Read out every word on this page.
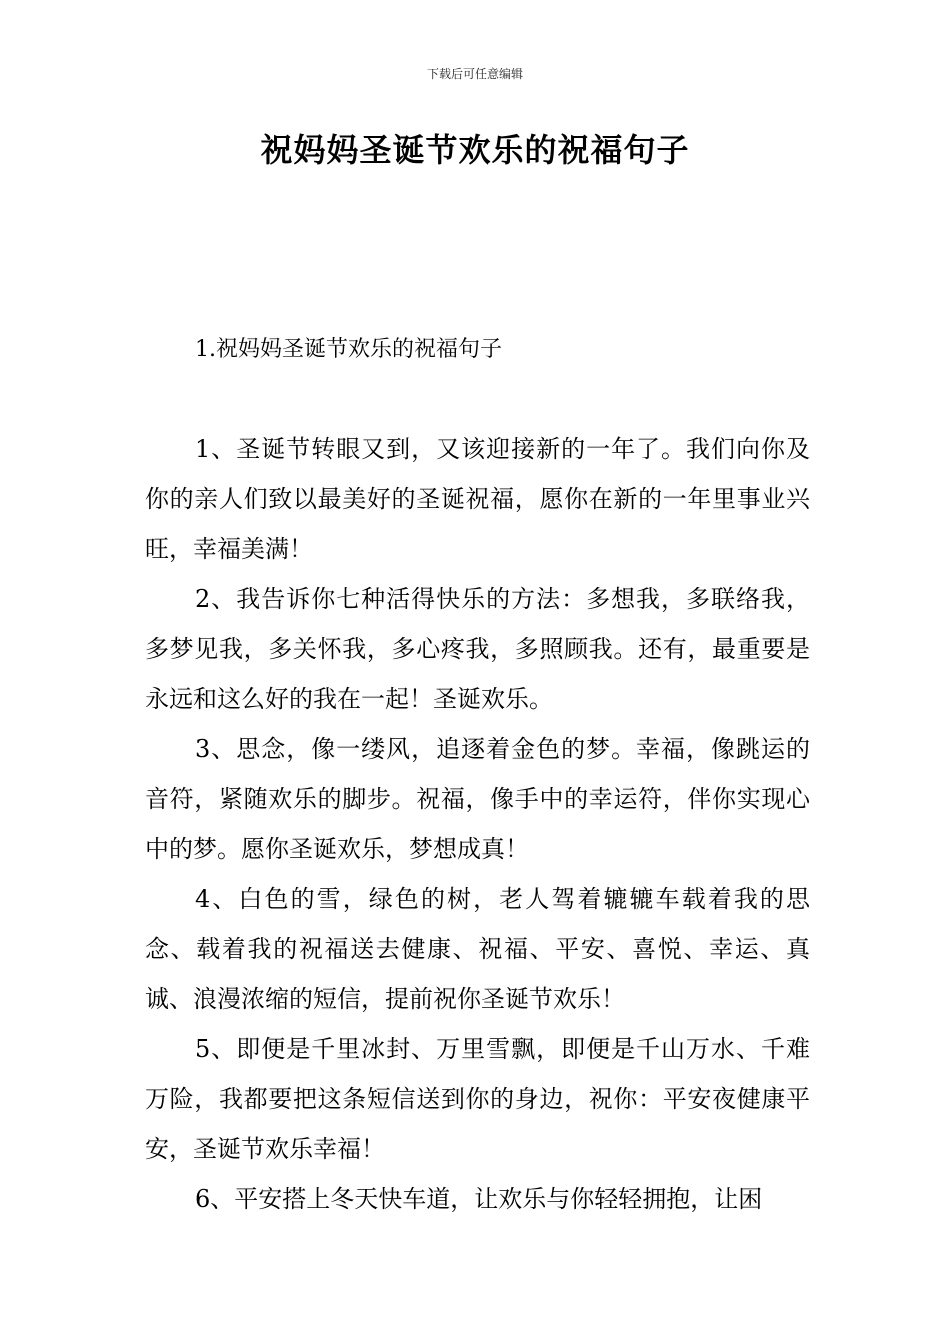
下载后可任意编辑
祝妈妈圣诞节欢乐的祝福句子
1.祝妈妈圣诞节欢乐的祝福句子

1、圣诞节转眼又到，又该迎接新的一年了。我们向你及你的亲人们致以最美好的圣诞祝福，愿你在新的一年里事业兴旺，幸福美满！

2、我告诉你七种活得快乐的方法：多想我，多联络我，多梦见我，多关怀我，多心疼我，多照顾我。还有，最重要是永远和这么好的我在一起！圣诞欢乐。

3、思念，像一缕风，追逐着金色的梦。幸福，像跳运的音符，紧随欢乐的脚步。祝福，像手中的幸运符，伴你实现心中的梦。愿你圣诞欢乐，梦想成真！

4、白色的雪，绿色的树，老人驾着辘辘车载着我的思念、载着我的祝福送去健康、祝福、平安、喜悦、幸运、真诚、浪漫浓缩的短信，提前祝你圣诞节欢乐！

5、即便是千里冰封、万里雪飘，即便是千山万水、千难万险，我都要把这条短信送到你的身边，祝你：平安夜健康平安，圣诞节欢乐幸福！

6、平安搭上冬天快车道，让欢乐与你轻轻拥抱，让困
